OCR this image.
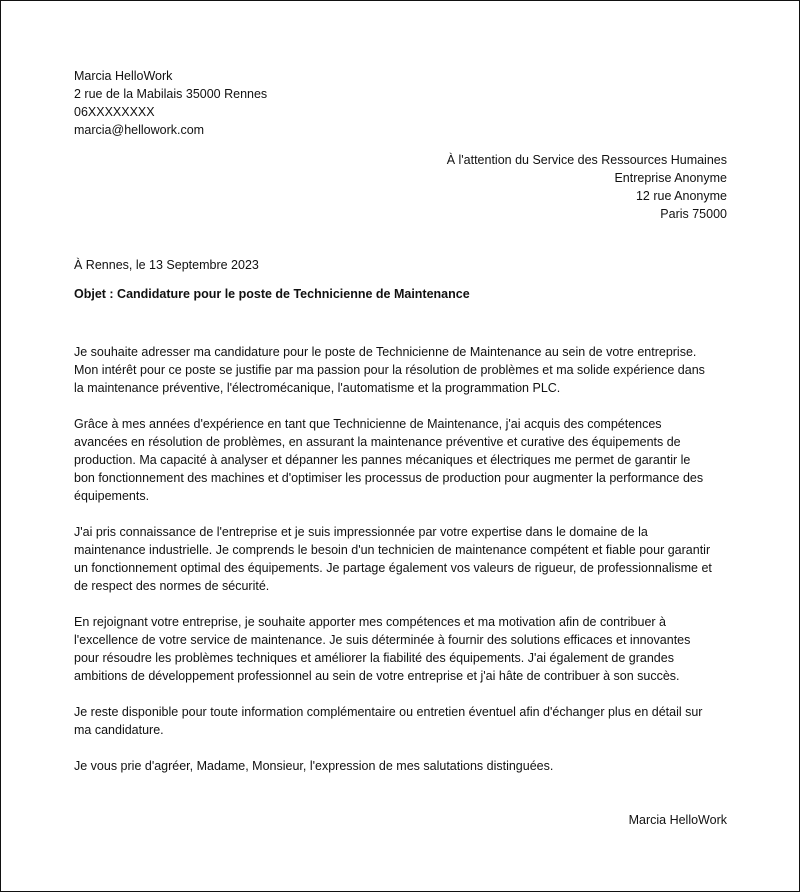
Marcia HelloWork
2 rue de la Mabilais 35000 Rennes
06XXXXXXXX
marcia@hellowork.com
À l'attention du Service des Ressources Humaines
Entreprise Anonyme
12 rue Anonyme
Paris 75000
À Rennes, le 13 Septembre 2023
Objet : Candidature pour le poste de Technicienne de Maintenance
Je souhaite adresser ma candidature pour le poste de Technicienne de Maintenance au sein de votre entreprise.
Mon intérêt pour ce poste se justifie par ma passion pour la résolution de problèmes et ma solide expérience dans
la maintenance préventive, l'électromécanique, l'automatisme et la programmation PLC.
Grâce à mes années d'expérience en tant que Technicienne de Maintenance, j'ai acquis des compétences
avancées en résolution de problèmes, en assurant la maintenance préventive et curative des équipements de
production. Ma capacité à analyser et dépanner les pannes mécaniques et électriques me permet de garantir le
bon fonctionnement des machines et d'optimiser les processus de production pour augmenter la performance des
équipements.
J'ai pris connaissance de l'entreprise et je suis impressionnée par votre expertise dans le domaine de la
maintenance industrielle. Je comprends le besoin d'un technicien de maintenance compétent et fiable pour garantir
un fonctionnement optimal des équipements. Je partage également vos valeurs de rigueur, de professionnalisme et
de respect des normes de sécurité.
En rejoignant votre entreprise, je souhaite apporter mes compétences et ma motivation afin de contribuer à
l'excellence de votre service de maintenance. Je suis déterminée à fournir des solutions efficaces et innovantes
pour résoudre les problèmes techniques et améliorer la fiabilité des équipements. J'ai également de grandes
ambitions de développement professionnel au sein de votre entreprise et j'ai hâte de contribuer à son succès.
Je reste disponible pour toute information complémentaire ou entretien éventuel afin d'échanger plus en détail sur
ma candidature.
Je vous prie d'agréer, Madame, Monsieur, l'expression de mes salutations distinguées.
Marcia HelloWork
